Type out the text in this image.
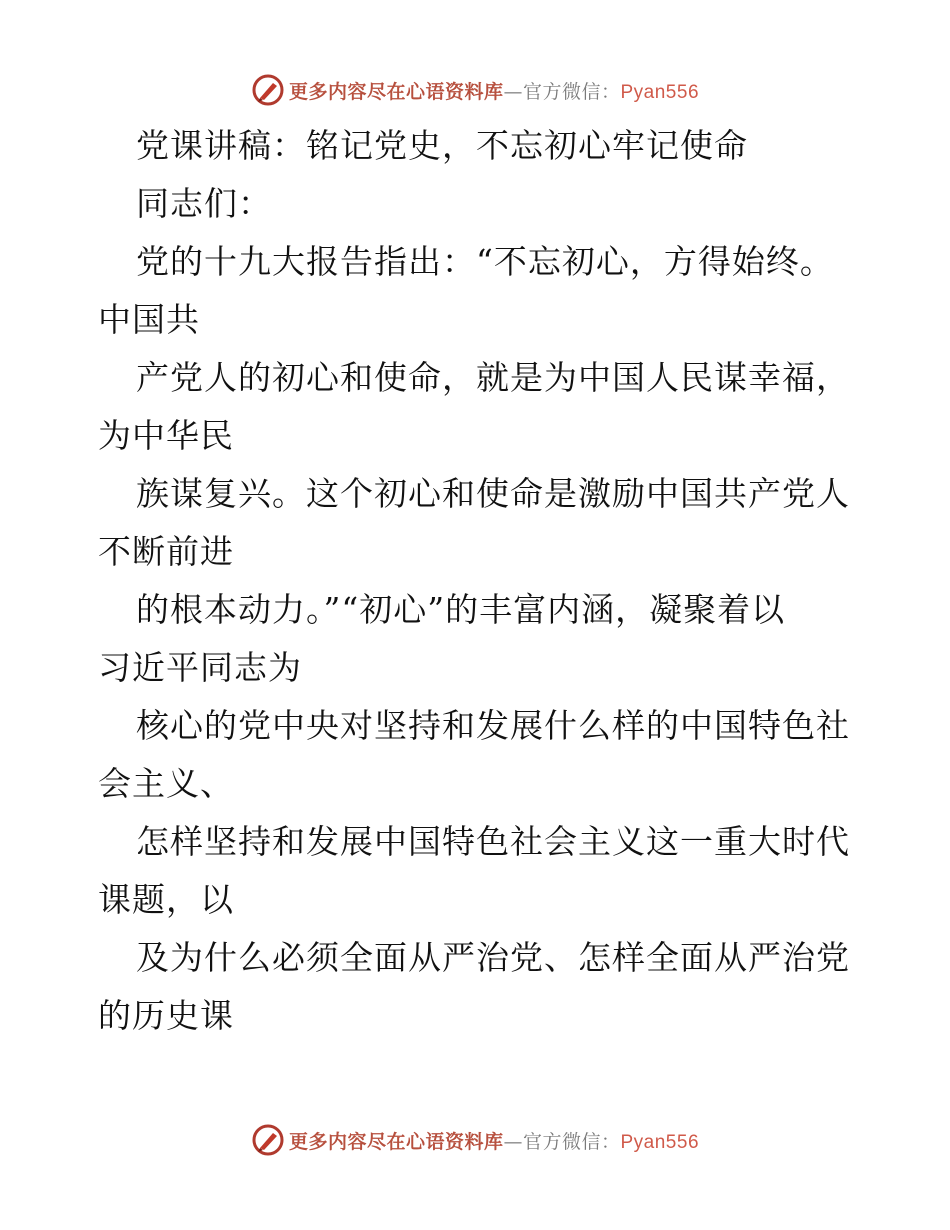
更多内容尽在心语资料库—官方微信：Pyan556
党课讲稿：铭记党史，不忘初心牢记使命
同志们：
党的十九大报告指出：“不忘初心，方得始终。
中国共
产党人的初心和使命，就是为中国人民谋幸福，
为中华民
族谋复兴。这个初心和使命是激励中国共产党人
不断前进
的根本动力。”“初心”的丰富内涵，凝聚着以
习近平同志为
核心的党中央对坚持和发展什么样的中国特色社
会主义、
怎样坚持和发展中国特色社会主义这一重大时代
课题，以
及为什么必须全面从严治党、怎样全面从严治党
的历史课
更多内容尽在心语资料库—官方微信：Pyan556
